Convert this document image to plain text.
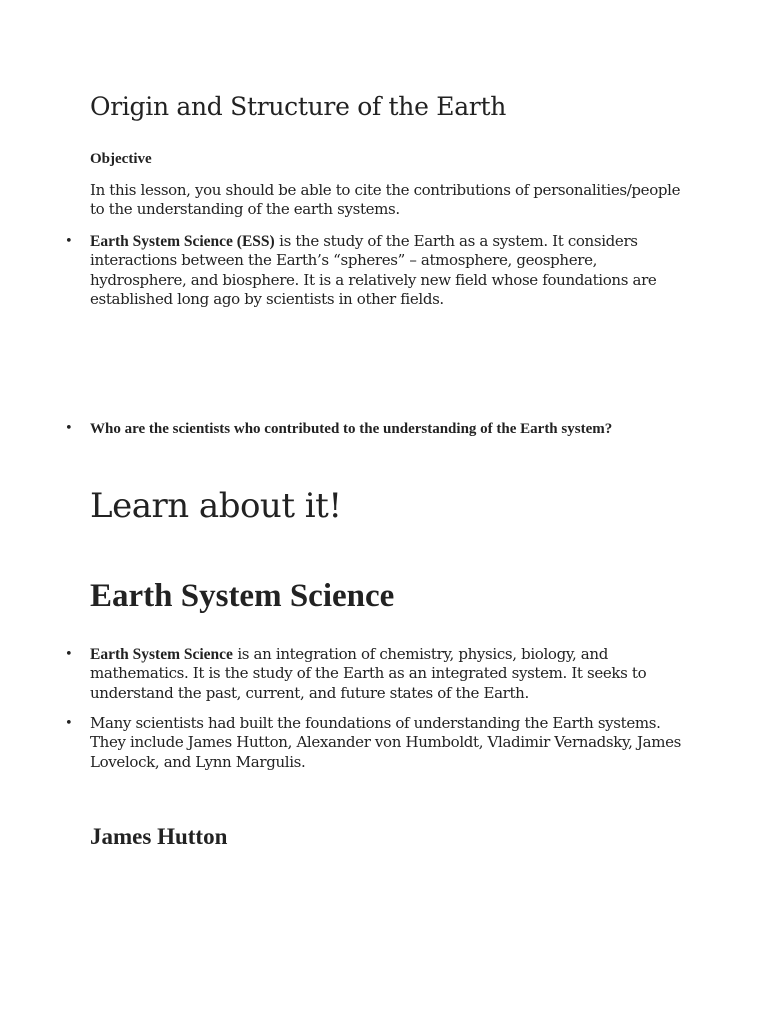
Origin and Structure of the Earth
Objective

In this lesson, you should be able to cite the contributions of personalities/people to the understanding of the earth systems.

• Earth System Science (ESS) is the study of the Earth as a system. It considers interactions between the Earth’s “spheres” – atmosphere, geosphere, hydrosphere, and biosphere. It is a relatively new field whose foundations are established long ago by scientists in other fields.
• Who are the scientists who contributed to the understanding of the Earth system?
Learn about it!
Earth System Science
• Earth System Science is an integration of chemistry, physics, biology, and mathematics. It is the study of the Earth as an integrated system. It seeks to understand the past, current, and future states of the Earth.
• Many scientists had built the foundations of understanding the Earth systems. They include James Hutton, Alexander von Humboldt, Vladimir Vernadsky, James Lovelock, and Lynn Margulis.
James Hutton
